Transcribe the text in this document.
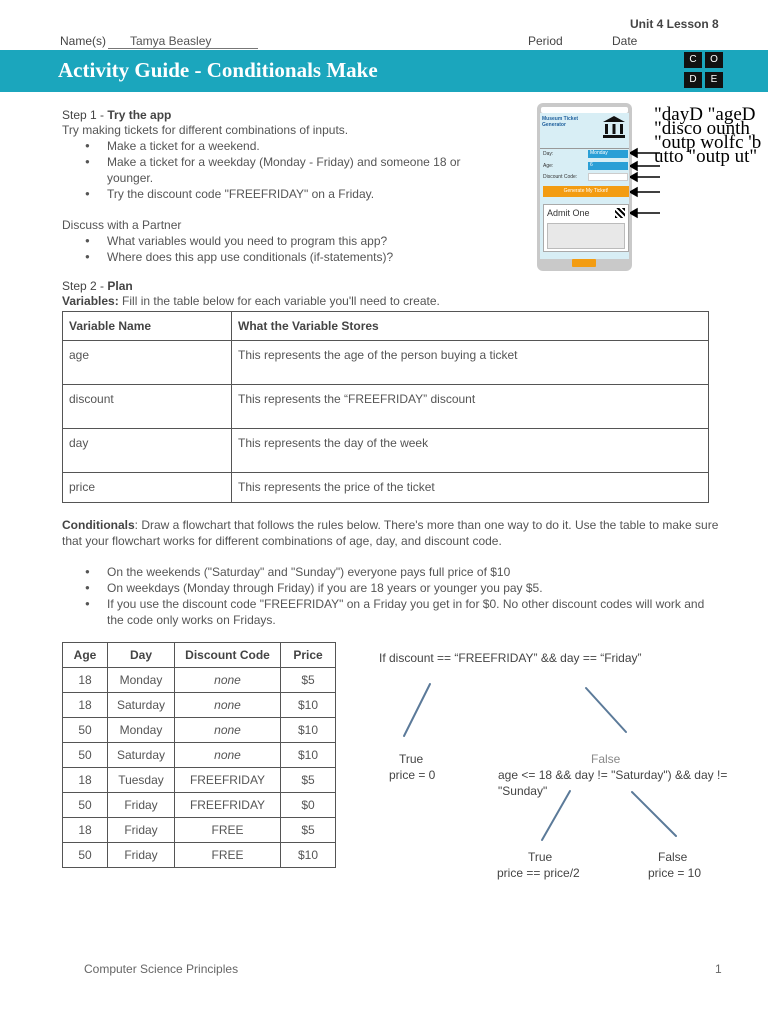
Unit 4 Lesson 8
Name(s)	Tamya Beasley	Period	Date
Activity Guide - Conditionals Make	C	O
D	E
Step 1 - Try the app
Try making tickets for different combinations of inputs.
● Make a ticket for a weekend.
● Make a ticket for a weekday (Monday - Friday) and someone 18 or younger.
● Try the discount code "FREEFRIDAY" on a Friday.
Discuss with a Partner
● What variables would you need to program this app?
● Where does this app use conditionals (if-statements)?
Museum Ticket Generator
Day:	Monday
Age:	6
Discount Code:
Generate My Ticket!
Admit One
"dayD "ageD "disco ounth "outp wolfc 'butto "outp ut"
Step 2 - Plan
Variables: Fill in the table below for each variable you'll need to create.
Variable Name	What the Variable Stores
age	This represents the age of the person buying a ticket
discount	This represents the “FREEFRIDAY” discount
day	This represents the day of the week
price	This represents the price of the ticket
Conditionals: Draw a flowchart that follows the rules below. There's more than one way to do it. Use the table to make sure that your flowchart works for different combinations of age, day, and discount code.
● On the weekends ("Saturday" and "Sunday") everyone pays full price of $10
● On weekdays (Monday through Friday) if you are 18 years or younger you pay $5.
● If you use the discount code "FREEFRIDAY" on a Friday you get in for $0. No other discount codes will work and the code only works on Fridays.
Age	Day	Discount Code	Price
18	Monday	none	$5
18	Saturday	none	$10
50	Monday	none	$10
50	Saturday	none	$10
18	Tuesday	FREEFRIDAY	$5
50	Friday	FREEFRIDAY	$0
18	Friday	FREE	$5
50	Friday	FREE	$10
If discount == “FREEFRIDAY” && day == “Friday”
True
price = 0
False
age <= 18 && day != "Saturday") && day !=
"Sunday"
True
price == price/2
False
price = 10
Computer Science Principles	1
